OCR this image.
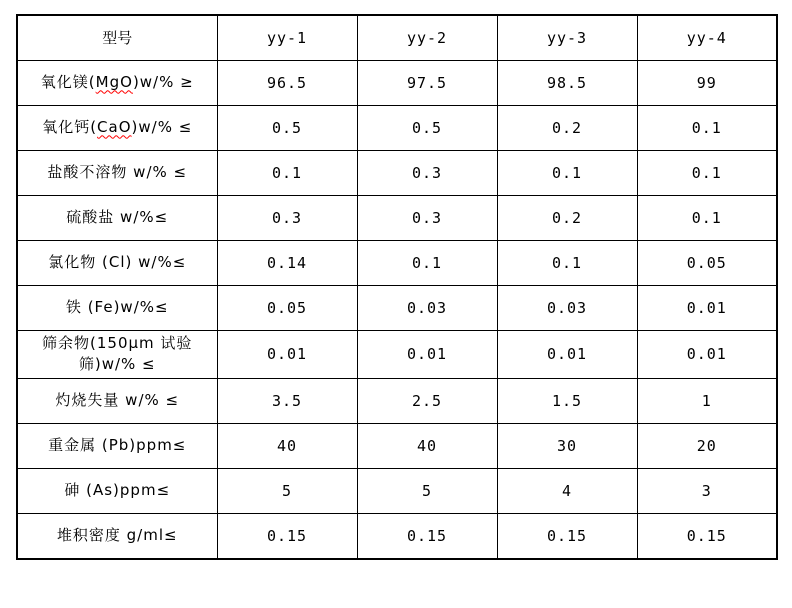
型号	yy-1	yy-2	yy-3	yy-4
氧化镁(MgO)w/% ≥	96.5	97.5	98.5	99
氧化钙(CaO)w/% ≤	0.5	0.5	0.2	0.1
盐酸不溶物 w/% ≤	0.1	0.3	0.1	0.1
硫酸盐 w/%≤	0.3	0.3	0.2	0.1
氯化物 (Cl) w/%≤	0.14	0.1	0.1	0.05
铁 (Fe)w/%≤	0.05	0.03	0.03	0.01
筛余物(150μm 试验筛)w/% ≤	0.01	0.01	0.01	0.01
灼烧失量 w/% ≤	3.5	2.5	1.5	1
重金属 (Pb)ppm≤	40	40	30	20
砷 (As)ppm≤	5	5	4	3
堆积密度 g/ml≤	0.15	0.15	0.15	0.15
